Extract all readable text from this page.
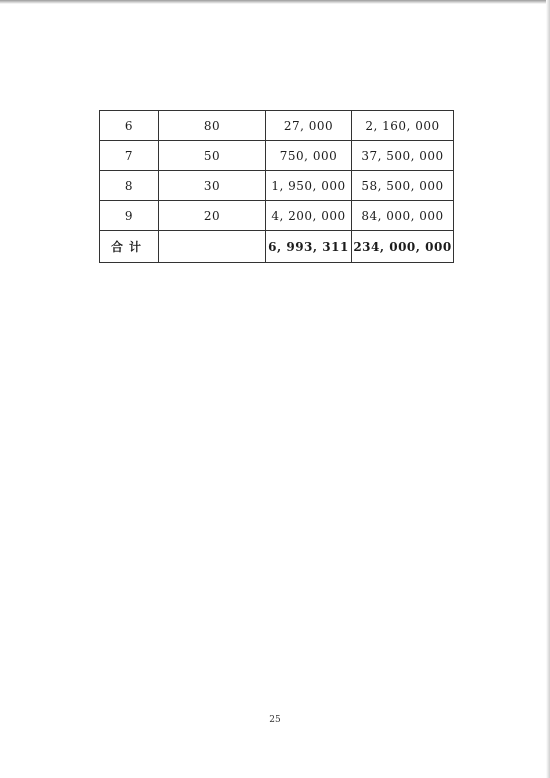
6	80	27, 000	2, 160, 000
7	50	750, 000	37, 500, 000
8	30	1, 950, 000	58, 500, 000
9	20	4, 200, 000	84, 000, 000
合计		6, 993, 311	234, 000, 000
25
